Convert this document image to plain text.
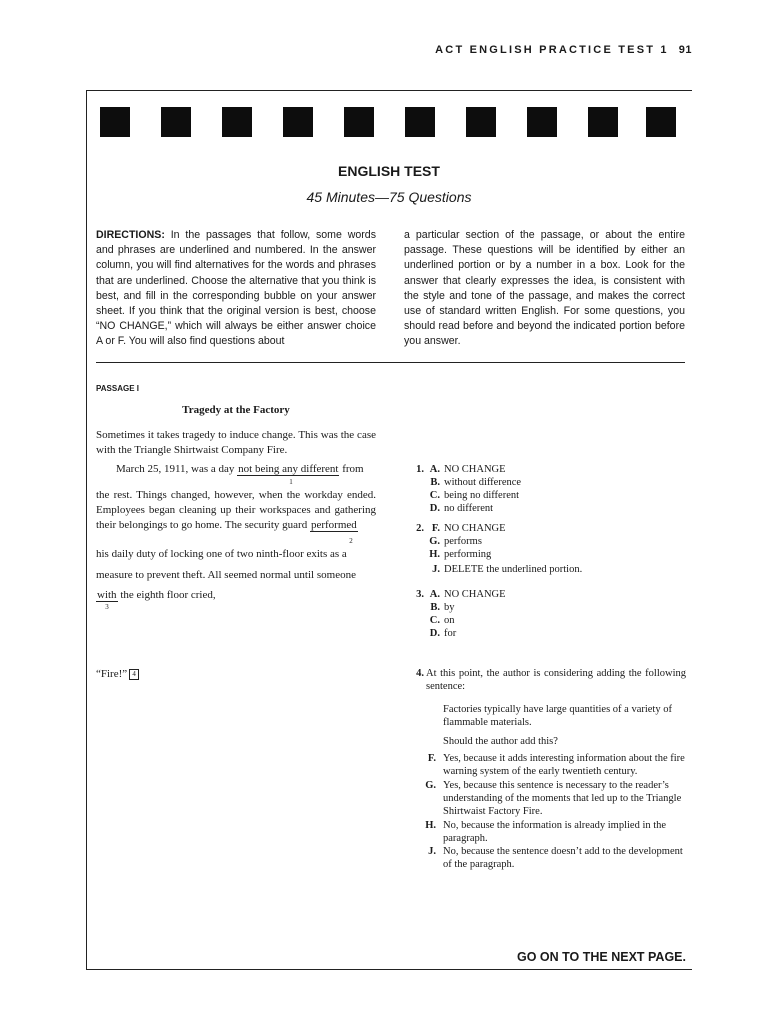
ACT ENGLISH PRACTICE TEST 1 91
ENGLISH TEST
45 Minutes—75 Questions
DIRECTIONS: In the passages that follow, some words and phrases are underlined and numbered. In the answer column, you will find alternatives for the words and phrases that are underlined. Choose the alternative that you think is best, and fill in the corresponding bubble on your answer sheet. If you think that the original version is best, choose “NO CHANGE,” which will always be either answer choice A or F. You will also find questions about
a particular section of the passage, or about the entire passage. These questions will be identified by either an underlined portion or by a number in a box. Look for the answer that clearly expresses the idea, is consistent with the style and tone of the passage, and makes the correct use of standard written English. For some questions, you should read before and beyond the indicated portion before you answer.
PASSAGE I
Tragedy at the Factory
Sometimes it takes tragedy to induce change. This was the case with the Triangle Shirtwaist Company Fire.
March 25, 1911, was a day not being any different from
1
the rest. Things changed, however, when the workday ended. Employees began cleaning up their workspaces and gathering their belongings to go home. The security guard performed
2
his daily duty of locking one of two ninth-floor exits as a
measure to prevent theft. All seemed normal until someone
with the eighth floor cried,
3
“Fire!” 4
1. A. NO CHANGE
B. without difference
C. being no different
D. no different
2. F. NO CHANGE
G. performs
H. performing
J. DELETE the underlined portion.
3. A. NO CHANGE
B. by
C. on
D. for
4. At this point, the author is considering adding the following sentence:
Factories typically have large quantities of a variety of flammable materials.
Should the author add this?
F. Yes, because it adds interesting information about the fire warning system of the early twentieth century.
G. Yes, because this sentence is necessary to the reader’s understanding of the moments that led up to the Triangle Shirtwaist Factory Fire.
H. No, because the information is already implied in the paragraph.
J. No, because the sentence doesn’t add to the development of the paragraph.
GO ON TO THE NEXT PAGE.
